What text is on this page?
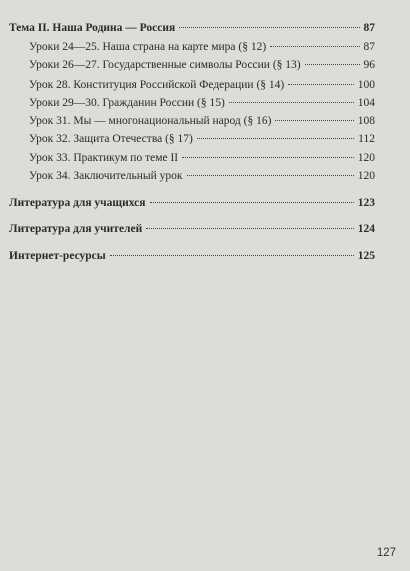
Тема II. Наша Родина — Россия	87
Уроки 24—25. Наша страна на карте мира (§ 12)	87
Уроки 26—27. Государственные символы России (§ 13)	96
Урок 28. Конституция Российской Федерации (§ 14)	100
Уроки 29—30. Гражданин России (§ 15)	104
Урок 31. Мы — многонациональный народ (§ 16)	108
Урок 32. Защита Отечества (§ 17)	112
Урок 33. Практикум по теме II	120
Урок 34. Заключительный урок	120
Литература для учащихся	123
Литература для учителей	124
Интернет-ресурсы	125
127
